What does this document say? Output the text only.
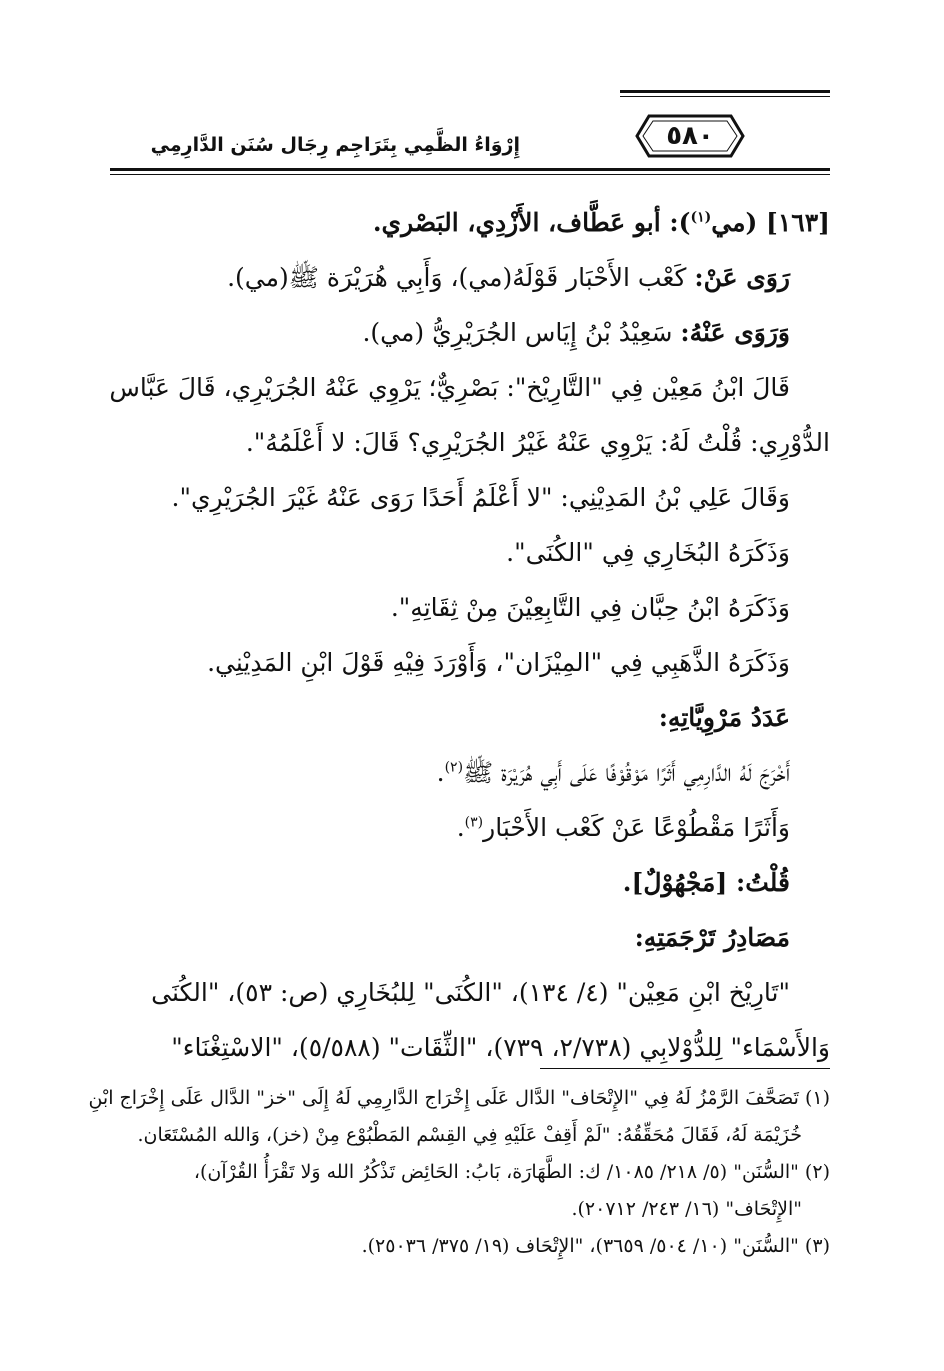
٥٨٠
إِرْوَاءُ الظَّمِي بِتَرَاجِم رِجَال سُنَن الدَّارِمِي
[١٦٣] (مي$^{(١)}$): أبو عَطَّاف، الأَزْدِي، البَصْري.
رَوَى عَنْ: كَعْب الأَحْبَار قَوْلَهُ(مي)، وَأَبِي هُرَيْرَة ﷺ(مي).
وَرَوَى عَنْهُ: سَعِيْدُ بْنُ إِيَاس الجُرَيْرِيُّ (مي).
قَالَ ابْنُ مَعِيْن فِي "التَّارِيْخ": بَصْرِيٌّ؛ يَرْوِي عَنْهُ الجُرَيْرِي، قَالَ عَبَّاس
الدُّوْرِي: قُلْتُ لَهُ: يَرْوِي عَنْهُ غَيْرُ الجُرَيْرِي؟ قَالَ: لا أَعْلَمُهُ".
وَقَالَ عَلِي بْنُ المَدِيْنِي: "لا أَعْلَمُ أَحَدًا رَوَى عَنْهُ غَيْرَ الجُرَيْرِي".
وَذَكَرَهُ البُخَارِي فِي "الكُنَى".
وَذَكَرَهُ ابْنُ حِبَّان فِي التَّابِعِيْنَ مِنْ ثِقَاتِهِ".
وَذَكَرَهُ الذَّهَبِي فِي "المِيْزَان"، وَأَوْرَدَ فِيْهِ قَوْلَ ابْنِ المَدِيْنِي.
عَدَدُ مَرْوِيَّاتِهِ:
أَخْرَجَ لَهُ الدَّارِمِي أَثَرًا مَوْقُوْفًا عَلَى أَبِي هُرَيْرَة ﷺ$^{(٢)}$.
وَأَثَرًا مَقْطُوْعًا عَنْ كَعْب الأَحْبَار$^{(٣)}$.
قُلْتُ: [مَجْهُوْلٌ].
مَصَادِرُ تَرْجَمَتِهِ:
"تَارِيْخ ابْنِ مَعِيْن" (٤/ ١٣٤)، "الكُنَى" لِلبُخَارِي (ص: ٥٣)، "الكُنَى
وَالأَسْمَاء" لِلدُّوْلابِي (٢/٧٣٨، ٧٣٩)، "الثِّقَات" (٥/٥٨٨)، "الاسْتِغْنَاء"
(١) تَصَحَّفَ الرَّمْزُ لَهُ فِي "الإِتْحَاف" الدَّال عَلَى إِخْرَاج الدَّارِمِي لَهُ إِلَى "خز" الدَّال عَلَى إِخْرَاج ابْنِ
خُزَيْمَة لَهُ، فَقَالَ مُحَقِّقُهُ: "لَمْ أَقِفْ عَلَيْهِ فِي القِسْم المَطْبُوْع مِنْ (خز)، وَالله المُسْتَعَان.
(٢) "السُّنَن" (٥/ ٢١٨/ ١٠٨٥/ ك: الطَّهَارَة، بَابُ: الحَائِض تَذْكُرُ الله وَلا تَقْرَأُ القُرْآن)،
"الإِتْحَاف" (١٦/ ٢٤٣/ ٢٠٧١٢).
(٣) "السُّنَن" (١٠/ ٥٠٤/ ٣٦٥٩)، "الإِتْحَاف (١٩/ ٣٧٥/ ٢٥٠٣٦).
